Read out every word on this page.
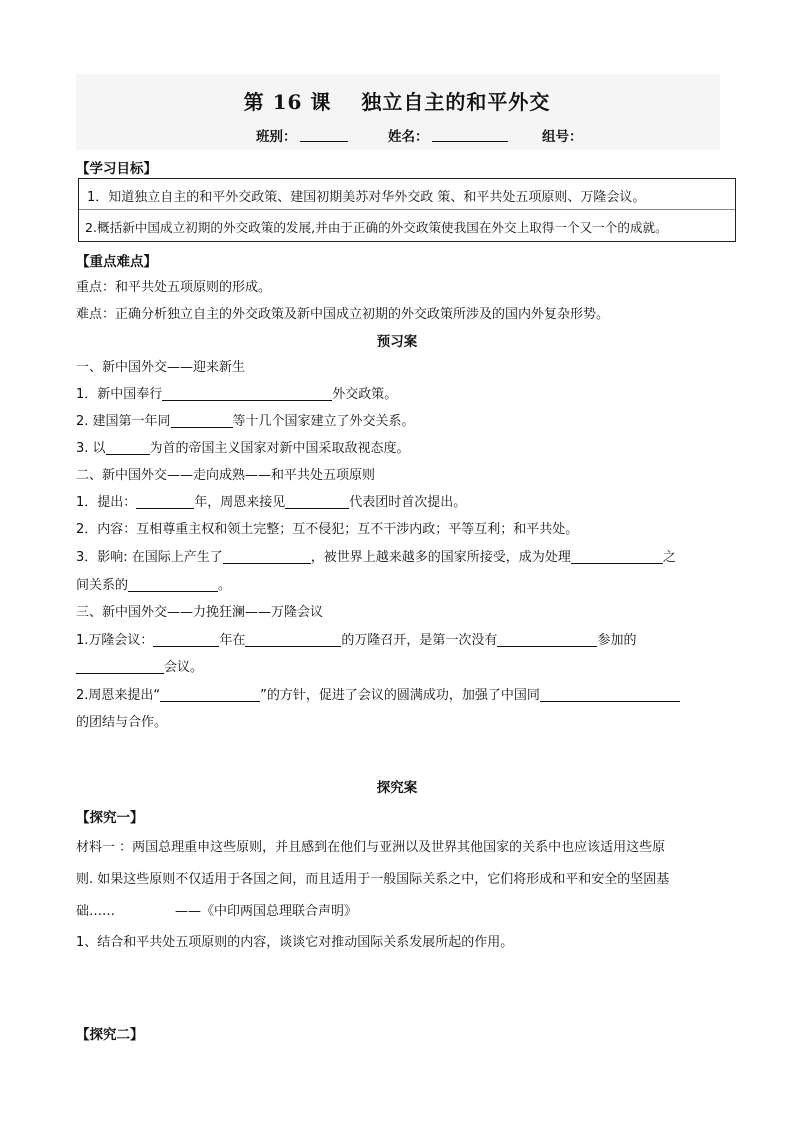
第 16 课 独立自主的和平外交
班别：	姓名：	组号：
【学习目标】
1．知道独立自主的和平外交政策、建国初期美苏对华外交政 策、和平共处五项原则、万隆会议。
2.概括新中国成立初期的外交政策的发展,并由于正确的外交政策使我国在外交上取得一个又一个的成就。
【重点难点】
重点：和平共处五项原则的形成。
难点：正确分析独立自主的外交政策及新中国成立初期的外交政策所涉及的国内外复杂形势。
预习案
一、新中国外交——迎来新生
1．新中国奉行	外交政策。
2. 建国第一年同	等十几个国家建立了外交关系。
3. 以	为首的帝国主义国家对新中国采取敌视态度。
二、新中国外交——走向成熟——和平共处五项原则
1．提出：	年，周恩来接见	代表团时首次提出。
2．内容：互相尊重主权和领土完整；互不侵犯；互不干涉内政；平等互利；和平共处。
3．影响: 在国际上产生了	，被世界上越来越多的国家所接受，成为处理	之
间关系的	。
三、新中国外交——力挽狂澜——万隆会议
1.万隆会议：	年在	的万隆召开，是第一次没有	参加的
会议。
2.周恩来提出“	”的方针，促进了会议的圆满成功，加强了中国同
的团结与合作。
探究案
【探究一】
材料一 ：两国总理重申这些原则，并且感到在他们与亚洲以及世界其他国家的关系中也应该适用这些原
则. 如果这些原则不仅适用于各国之间，而且适用于一般国际关系之中，它们将形成和平和安全的坚固基
础……	——《中印两国总理联合声明》
1、结合和平共处五项原则的内容，谈谈它对推动国际关系发展所起的作用。
【探究二】
